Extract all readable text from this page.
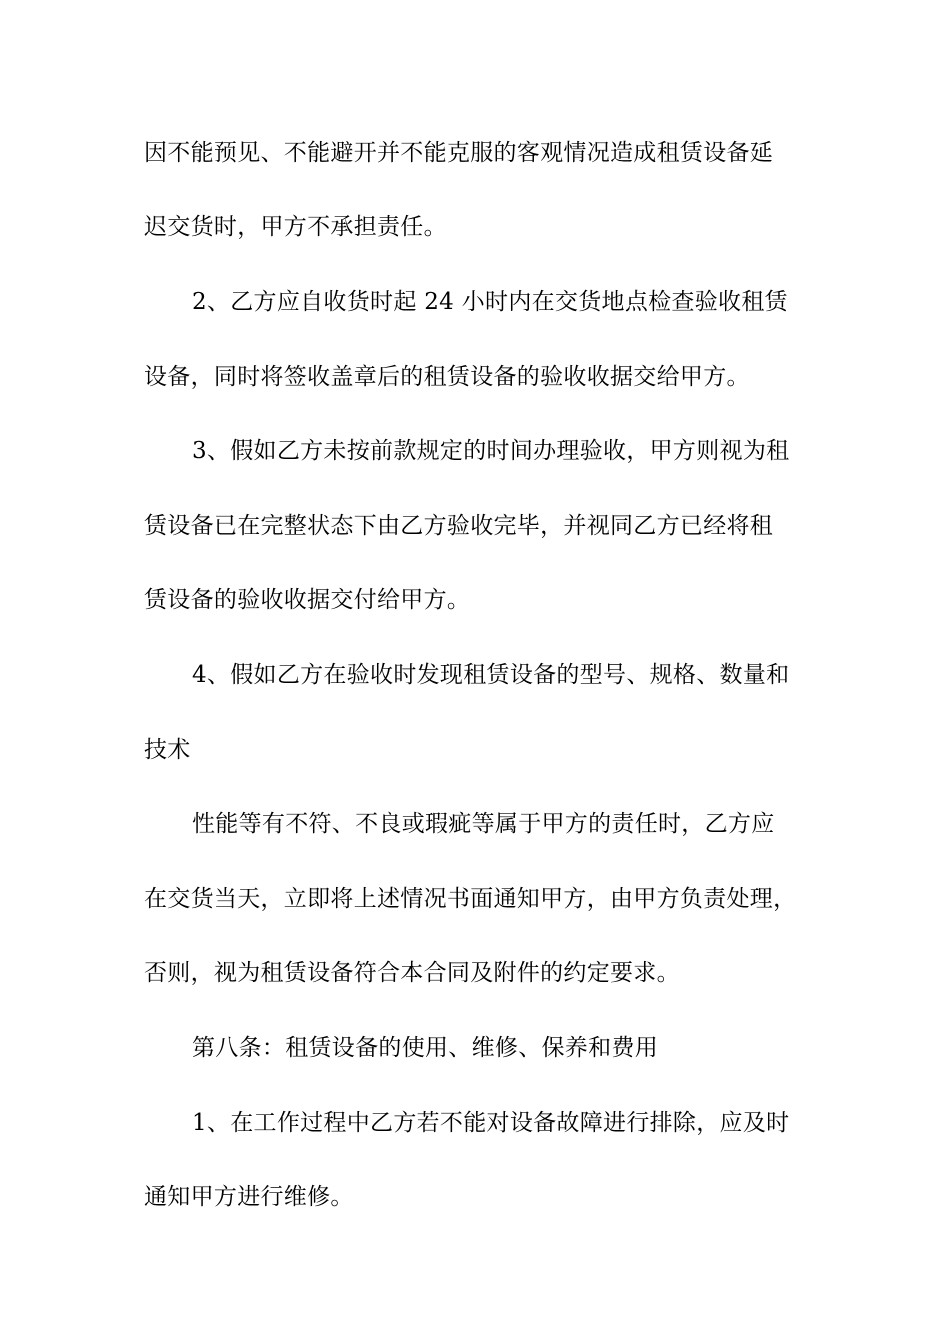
因不能预见、不能避开并不能克服的客观情况造成租赁设备延

迟交货时，甲方不承担责任。

2、乙方应自收货时起 24 小时内在交货地点检查验收租赁

设备，同时将签收盖章后的租赁设备的验收收据交给甲方。

3、假如乙方未按前款规定的时间办理验收，甲方则视为租

赁设备已在完整状态下由乙方验收完毕，并视同乙方已经将租

赁设备的验收收据交付给甲方。

4、假如乙方在验收时发现租赁设备的型号、规格、数量和

技术

性能等有不符、不良或瑕疵等属于甲方的责任时，乙方应

在交货当天，立即将上述情况书面通知甲方，由甲方负责处理，

否则，视为租赁设备符合本合同及附件的约定要求。

第八条：租赁设备的使用、维修、保养和费用

1、在工作过程中乙方若不能对设备故障进行排除，应及时

通知甲方进行维修。
